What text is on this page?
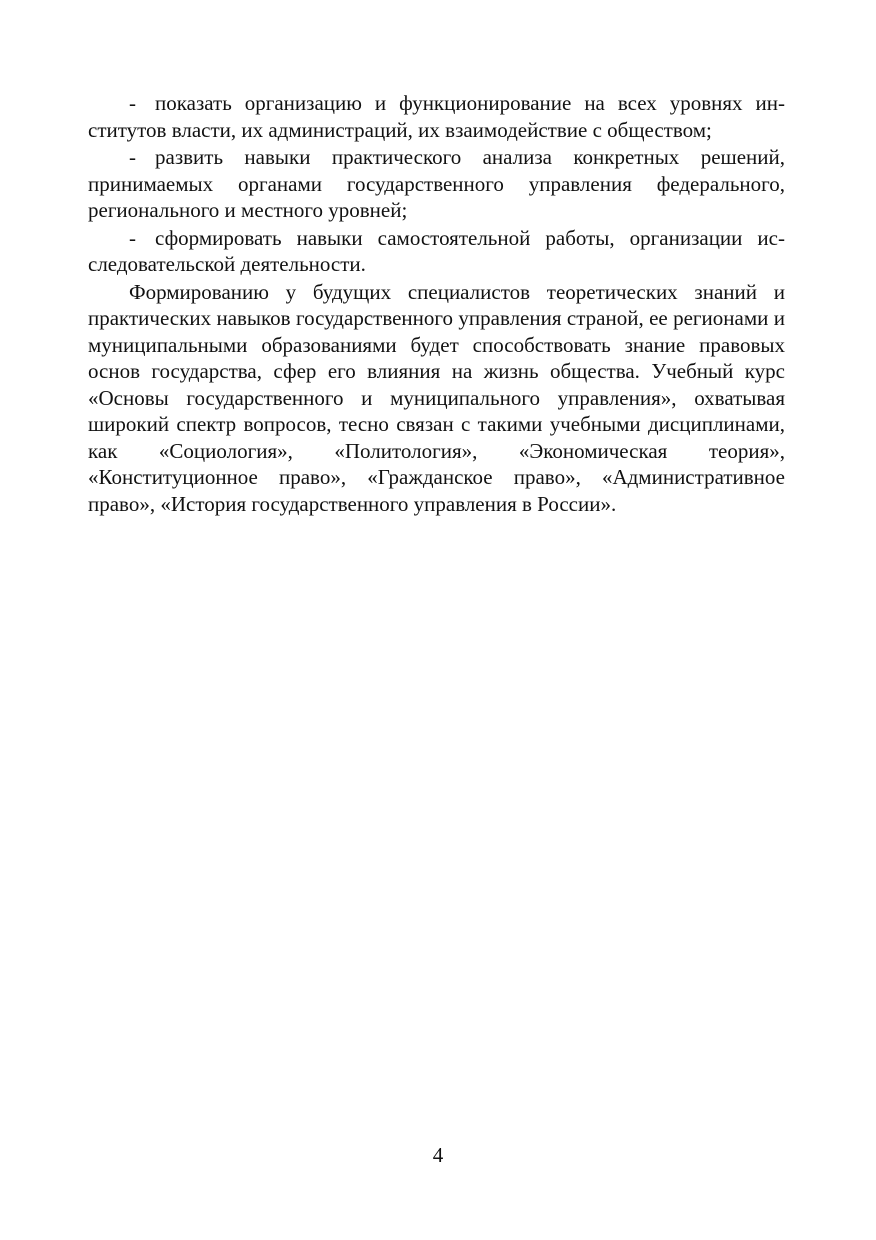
- показать организацию и функционирование на всех уровнях институтов власти, их администраций, их взаимодействие с обществом;

- развить навыки практического анализа конкретных решений, принимаемых органами государственного управления федерального, регионального и местного уровней;

- сформировать навыки самостоятельной работы, организации исследовательской деятельности.

Формированию у будущих специалистов теоретических знаний и практических навыков государственного управления страной, ее регионами и муниципальными образованиями будет способствовать знание правовых основ государства, сфер его влияния на жизнь общества. Учебный курс «Основы государственного и муниципального управления», охватывая широкий спектр вопросов, тесно связан с такими учебными дисциплинами, как «Социология», «Политология», «Экономическая теория», «Конституционное право», «Гражданское право», «Административное право», «История государственного управления в России».

4
